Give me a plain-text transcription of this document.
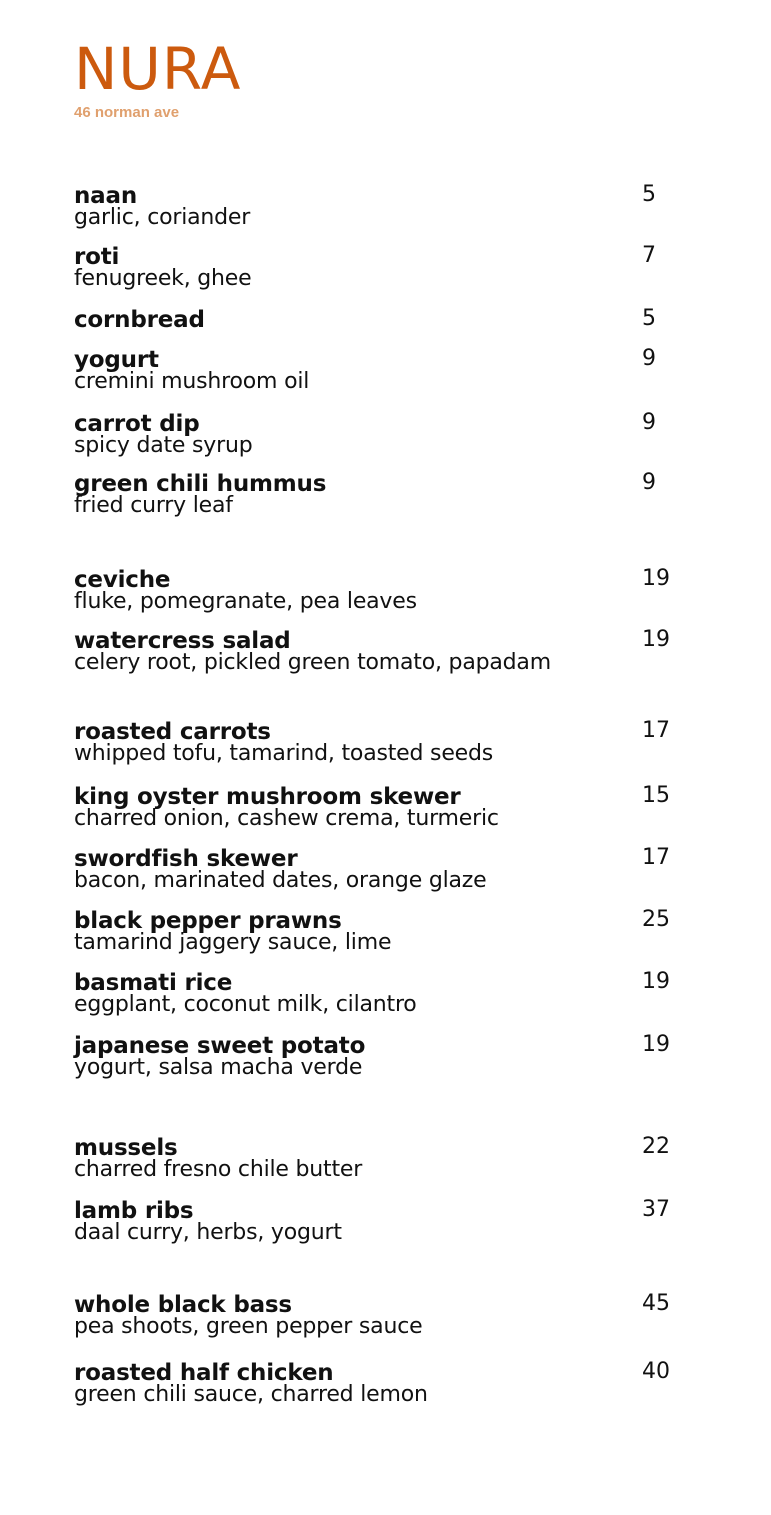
NURA
46 norman ave
naan
garlic, coriander
5
roti
fenugreek, ghee
7
cornbread	5
yogurt
cremini mushroom oil
9
carrot dip
spicy date syrup
9
green chili hummus
fried curry leaf
9
ceviche
fluke, pomegranate, pea leaves
19
watercress salad
celery root, pickled green tomato, papadam
19
roasted carrots
whipped tofu, tamarind, toasted seeds
17
king oyster mushroom skewer
charred onion, cashew crema, turmeric
15
swordfish skewer
bacon, marinated dates, orange glaze
17
black pepper prawns
tamarind jaggery sauce, lime
25
basmati rice
eggplant, coconut milk, cilantro
19
japanese sweet potato
yogurt, salsa macha verde
19
mussels
charred fresno chile butter
22
lamb ribs
daal curry, herbs, yogurt
37
whole black bass
pea shoots, green pepper sauce
45
roasted half chicken
green chili sauce, charred lemon
40
